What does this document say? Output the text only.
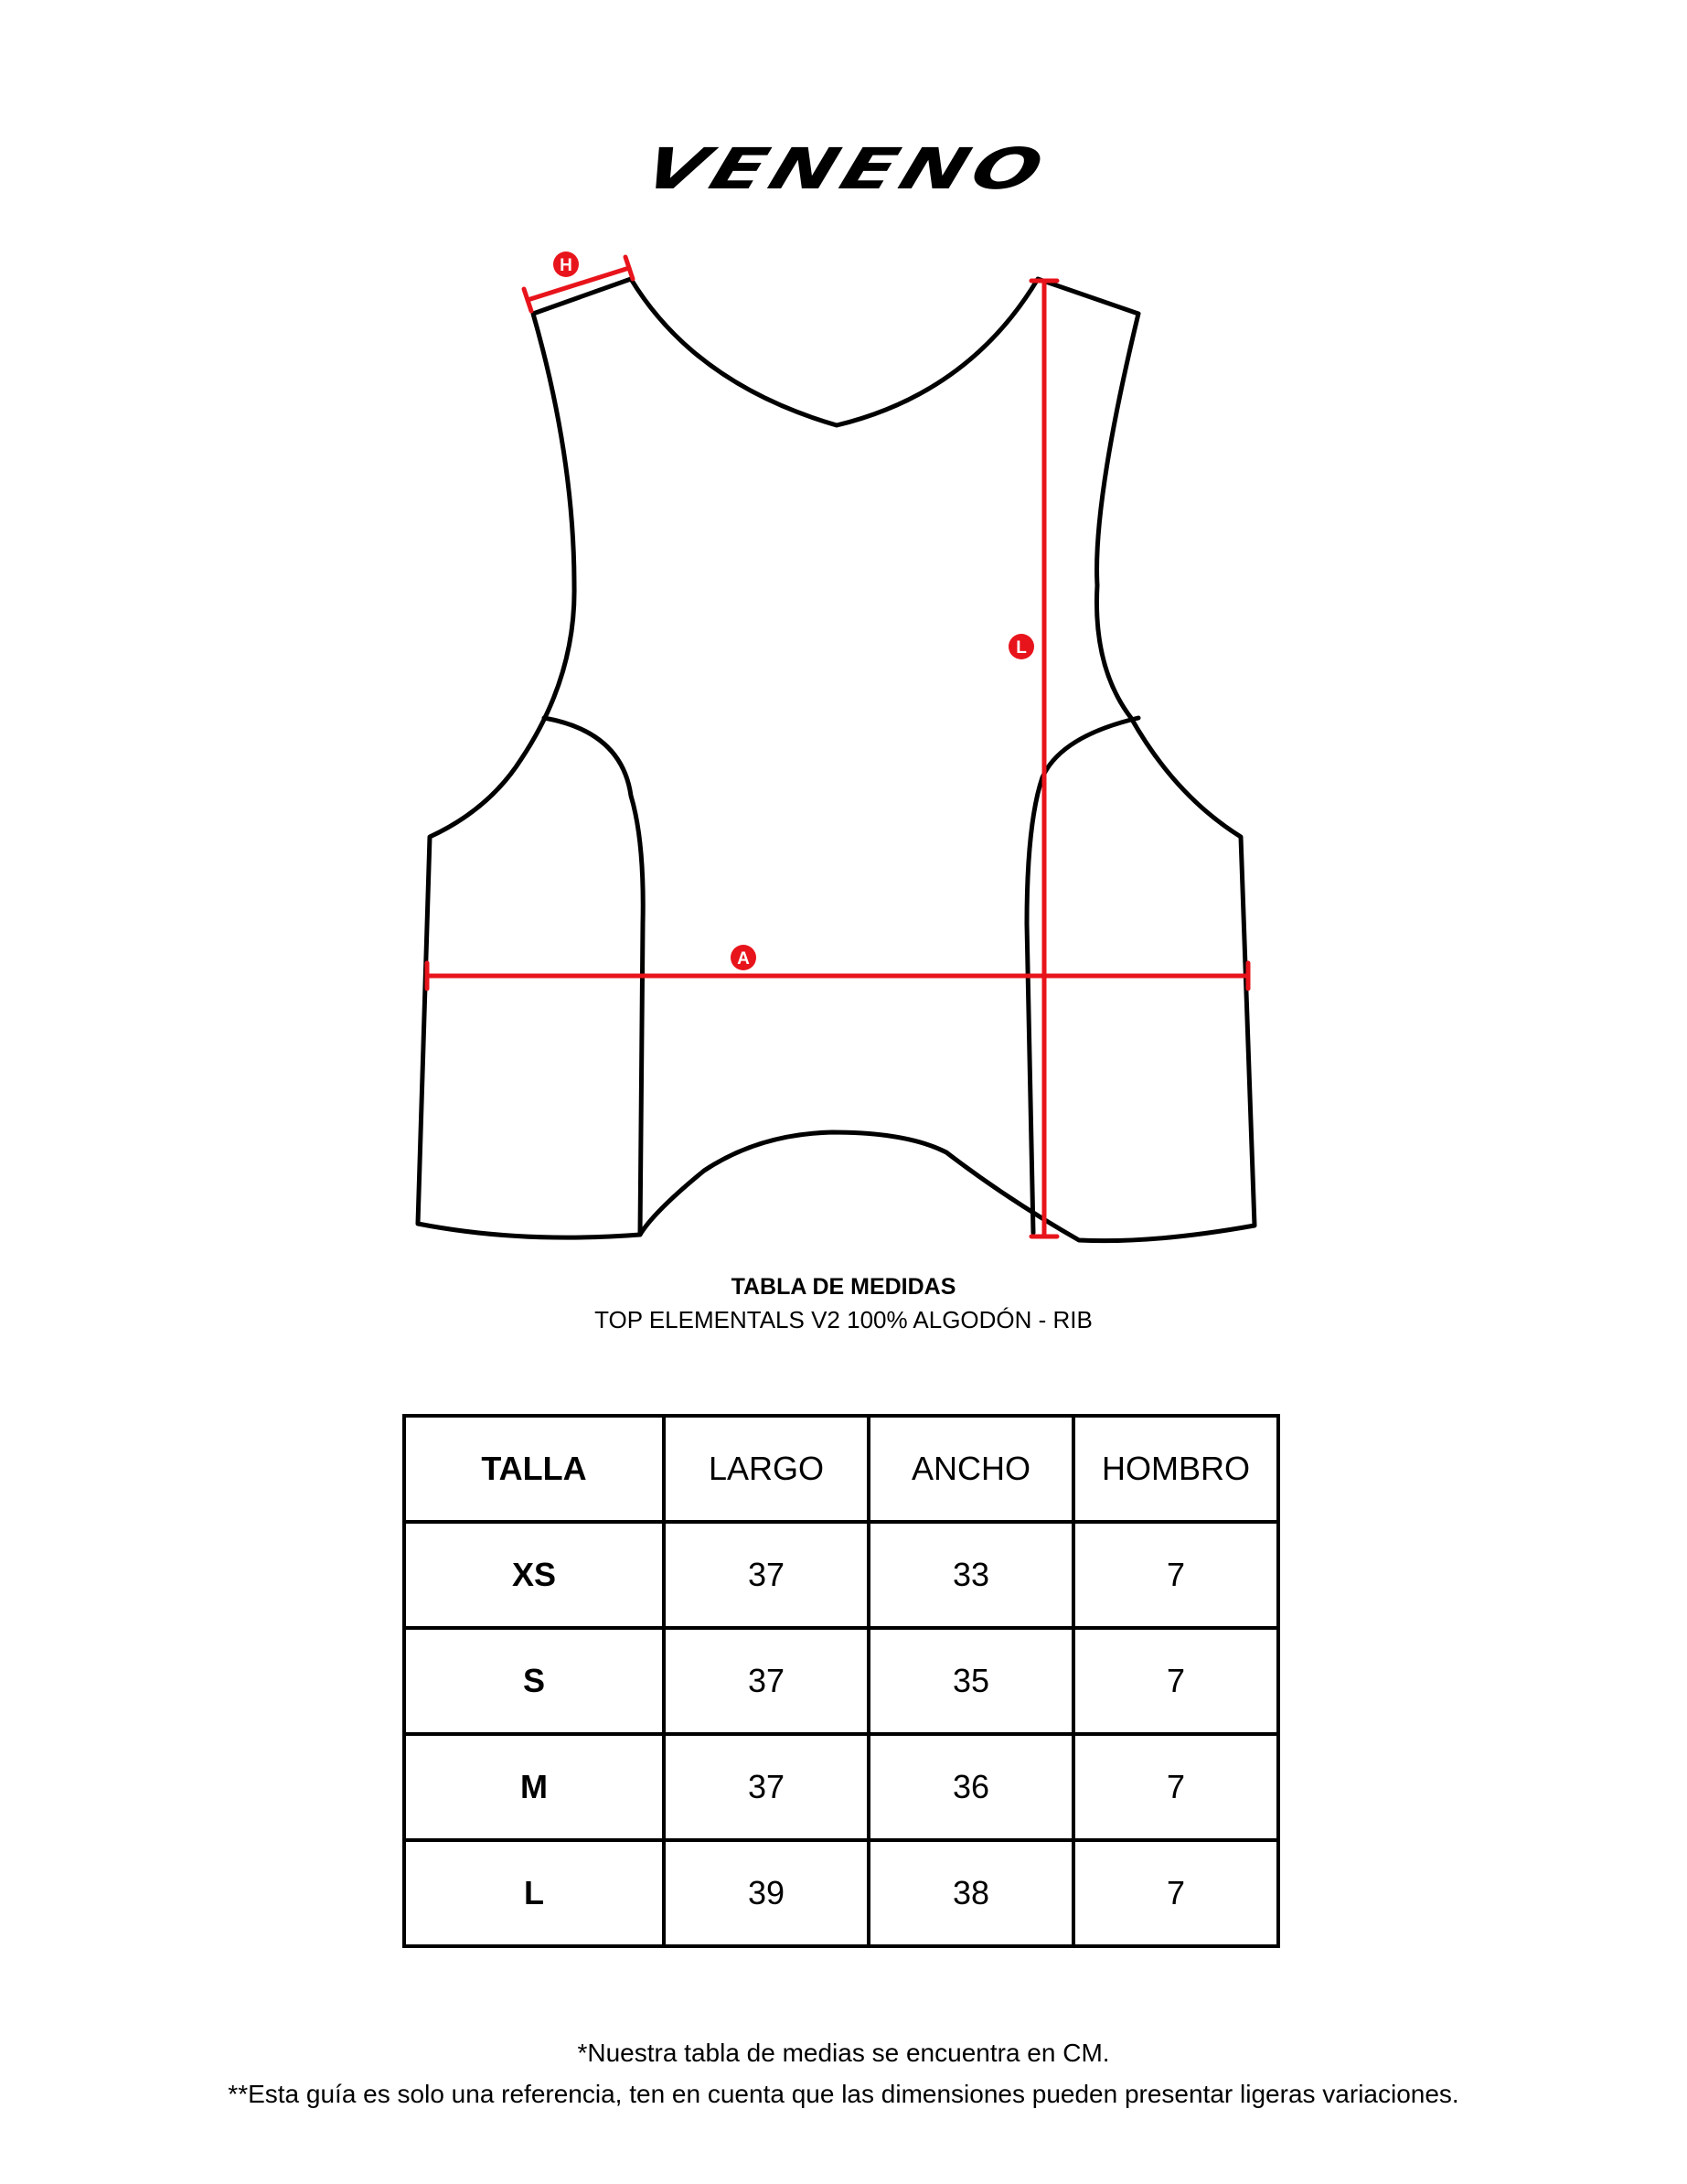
VENENO
H
L
A
TABLA DE MEDIDAS
TOP ELEMENTALS V2 100% ALGODÓN - RIB
TALLA	LARGO	ANCHO	HOMBRO
XS	37	33	7
S	37	35	7
M	37	36	7
L	39	38	7
*Nuestra tabla de medias se encuentra en CM.
**Esta guía es solo una referencia, ten en cuenta que las dimensiones pueden presentar ligeras variaciones.
